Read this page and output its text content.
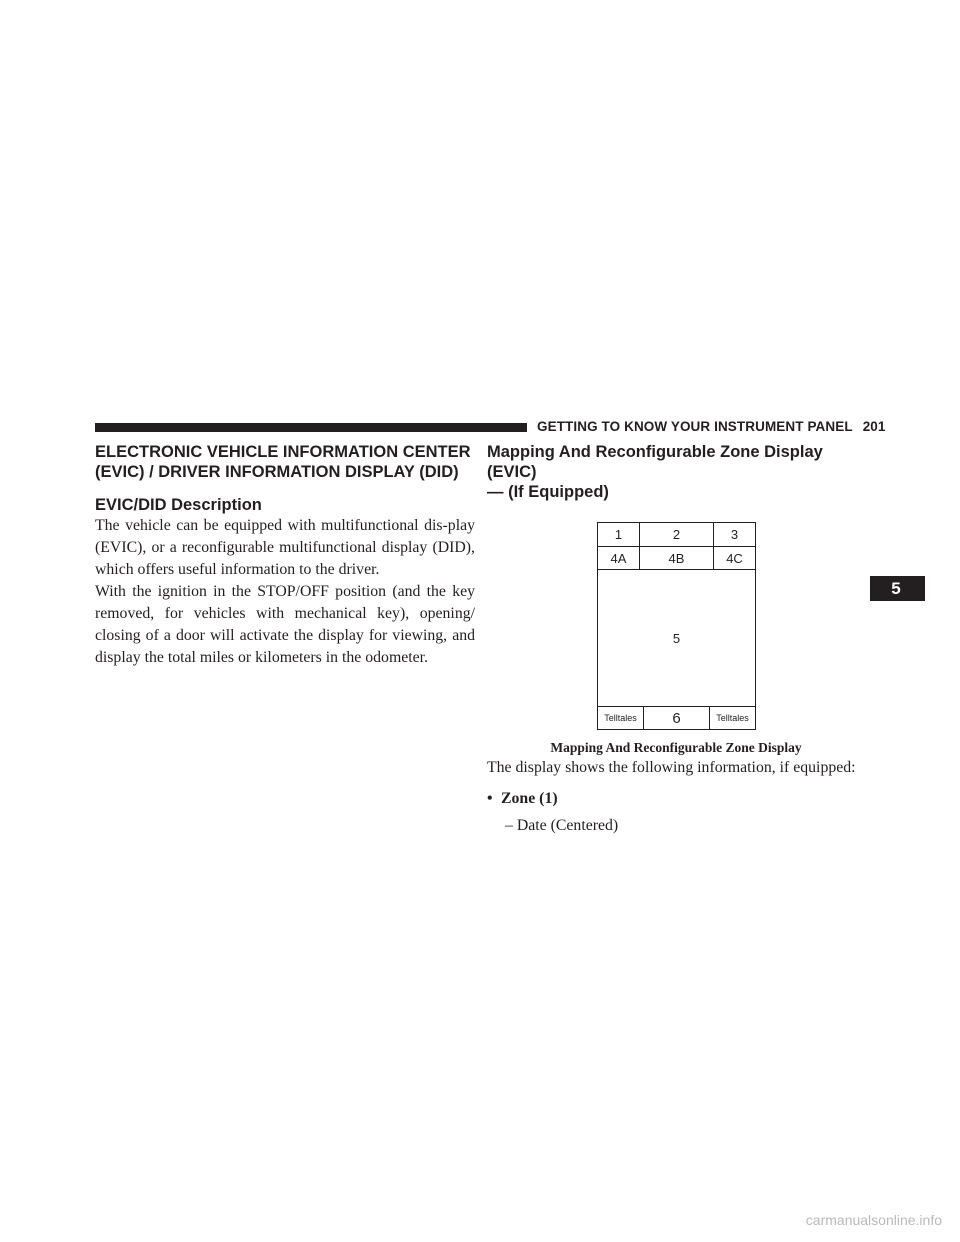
GETTING TO KNOW YOUR INSTRUMENT PANEL 201
5
ELECTRONIC VEHICLE INFORMATION CENTER
(EVIC) / DRIVER INFORMATION DISPLAY (DID)
EVIC/DID Description

The vehicle can be equipped with multifunctional dis-play (EVIC), or a reconfigurable multifunctional display (DID), which offers useful information to the driver.

With the ignition in the STOP/OFF position (and the key removed, for vehicles with mechanical key), opening/ closing of a door will activate the display for viewing, and display the total miles or kilometers in the odometer.

Mapping And Reconfigurable Zone Display (EVIC)
— (If Equipped)
1	2	3
4A	4B	4C
5
Telltales	6	Telltales
Mapping And Reconfigurable Zone Display

The display shows the following information, if equipped:

• Zone (1)
– Date (Centered)
carmanualsonline.info
